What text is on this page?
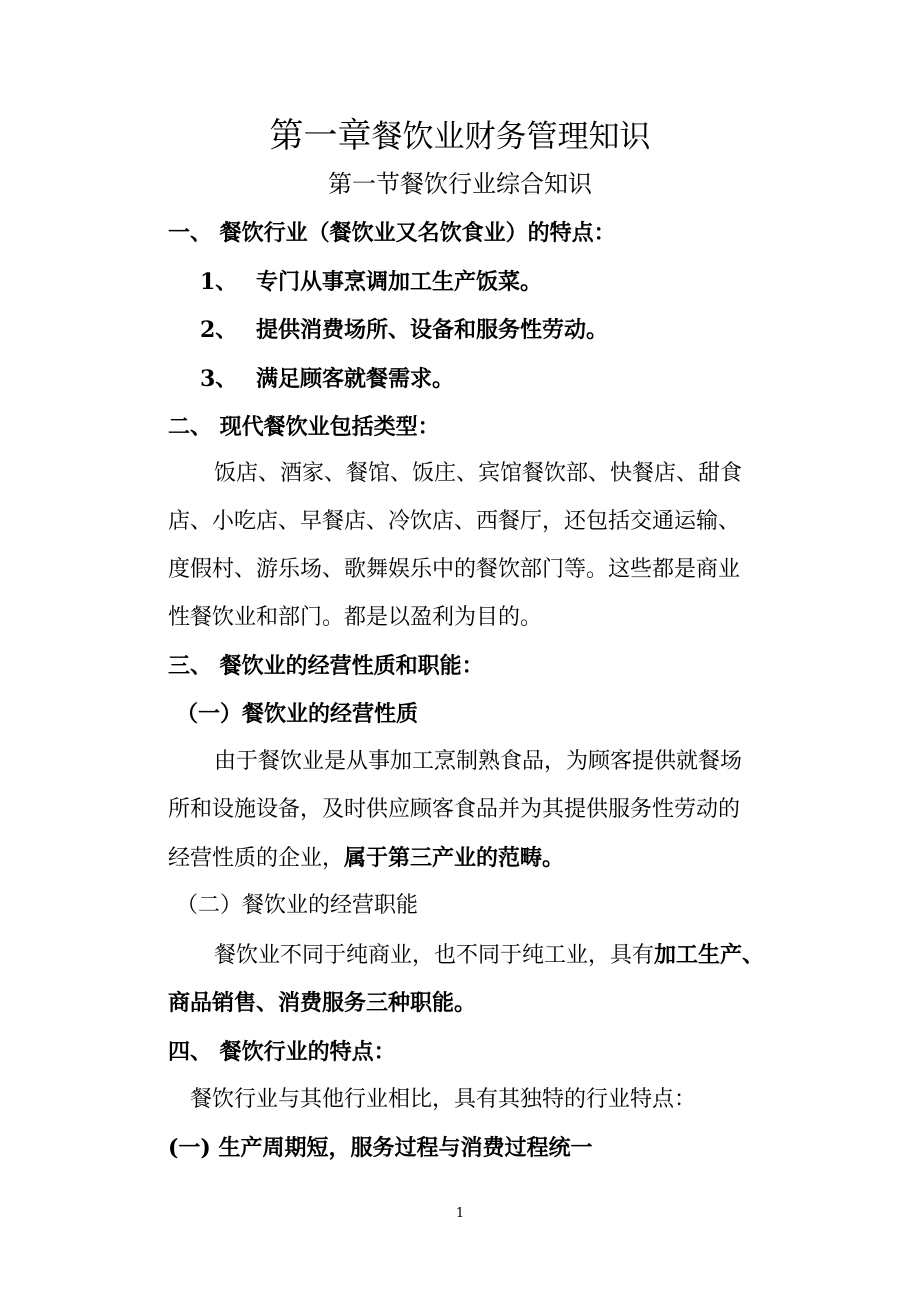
第一章餐饮业财务管理知识
第一节餐饮行业综合知识
一、 餐饮行业（餐饮业又名饮食业）的特点：
1、 专门从事烹调加工生产饭菜。
2、 提供消费场所、设备和服务性劳动。
3、 满足顾客就餐需求。
二、 现代餐饮业包括类型：
饭店、酒家、餐馆、饭庄、宾馆餐饮部、快餐店、甜食
店、小吃店、早餐店、冷饮店、西餐厅，还包括交通运输、
度假村、游乐场、歌舞娱乐中的餐饮部门等。这些都是商业
性餐饮业和部门。都是以盈利为目的。
三、 餐饮业的经营性质和职能：
（一）餐饮业的经营性质
由于餐饮业是从事加工烹制熟食品，为顾客提供就餐场
所和设施设备，及时供应顾客食品并为其提供服务性劳动的
经营性质的企业，属于第三产业的范畴。
（二）餐饮业的经营职能
餐饮业不同于纯商业，也不同于纯工业，具有加工生产、
商品销售、消费服务三种职能。
四、 餐饮行业的特点：
餐饮行业与其他行业相比，具有其独特的行业特点：
(一) 生产周期短，服务过程与消费过程统一
1
